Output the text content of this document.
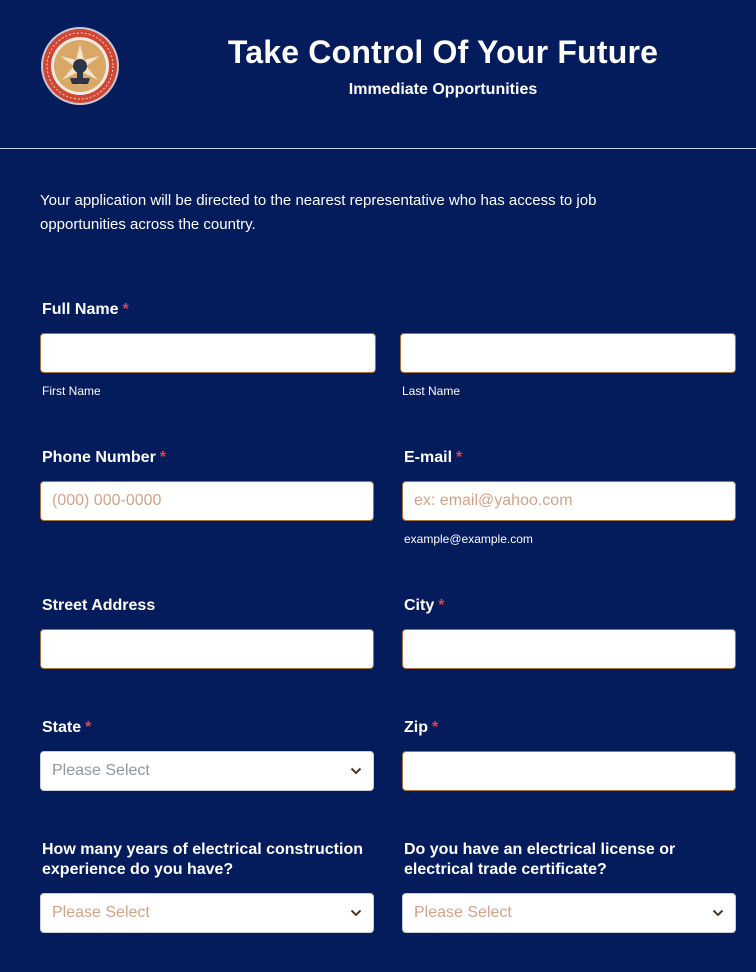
Take Control Of Your Future
Immediate Opportunities
Your application will be directed to the nearest representative who has access to job opportunities across the country.
Full Name *
First Name	Last Name
Phone Number *	E-mail *
(000) 000-0000
ex: email@yahoo.com
example@example.com
Street Address	City *
State *	Zip *
Please Select
How many years of electrical construction
experience do you have?
Do you have an electrical license or
electrical trade certificate?
Please Select	Please Select
